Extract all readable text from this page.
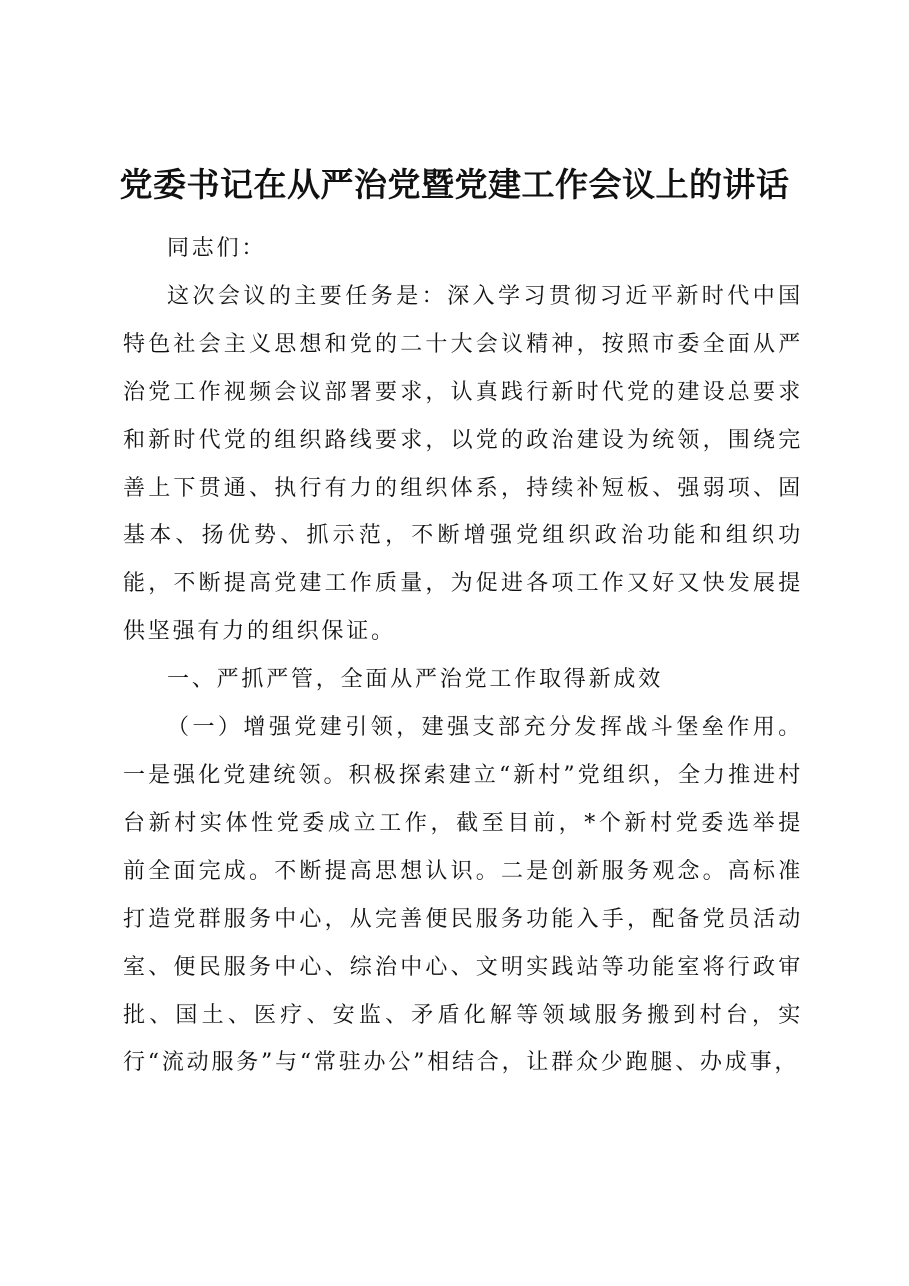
党委书记在从严治党暨党建工作会议上的讲话

同志们：

这次会议的主要任务是：深入学习贯彻习近平新时代中国特色社会主义思想和党的二十大会议精神，按照市委全面从严治党工作视频会议部署要求，认真践行新时代党的建设总要求和新时代党的组织路线要求，以党的政治建设为统领，围绕完善上下贯通、执行有力的组织体系，持续补短板、强弱项、固基本、扬优势、抓示范，不断增强党组织政治功能和组织功能，不断提高党建工作质量，为促进各项工作又好又快发展提供坚强有力的组织保证。

一、严抓严管，全面从严治党工作取得新成效

（一）增强党建引领，建强支部充分发挥战斗堡垒作用。一是强化党建统领。积极探索建立“新村”党组织，全力推进村台新村实体性党委成立工作，截至目前，*个新村党委选举提前全面完成。不断提高思想认识。二是创新服务观念。高标准打造党群服务中心，从完善便民服务功能入手，配备党员活动室、便民服务中心、综治中心、文明实践站等功能室将行政审批、国土、医疗、安监、矛盾化解等领域服务搬到村台，实行“流动服务”与“常驻办公”相结合，让群众少跑腿、办成事，
